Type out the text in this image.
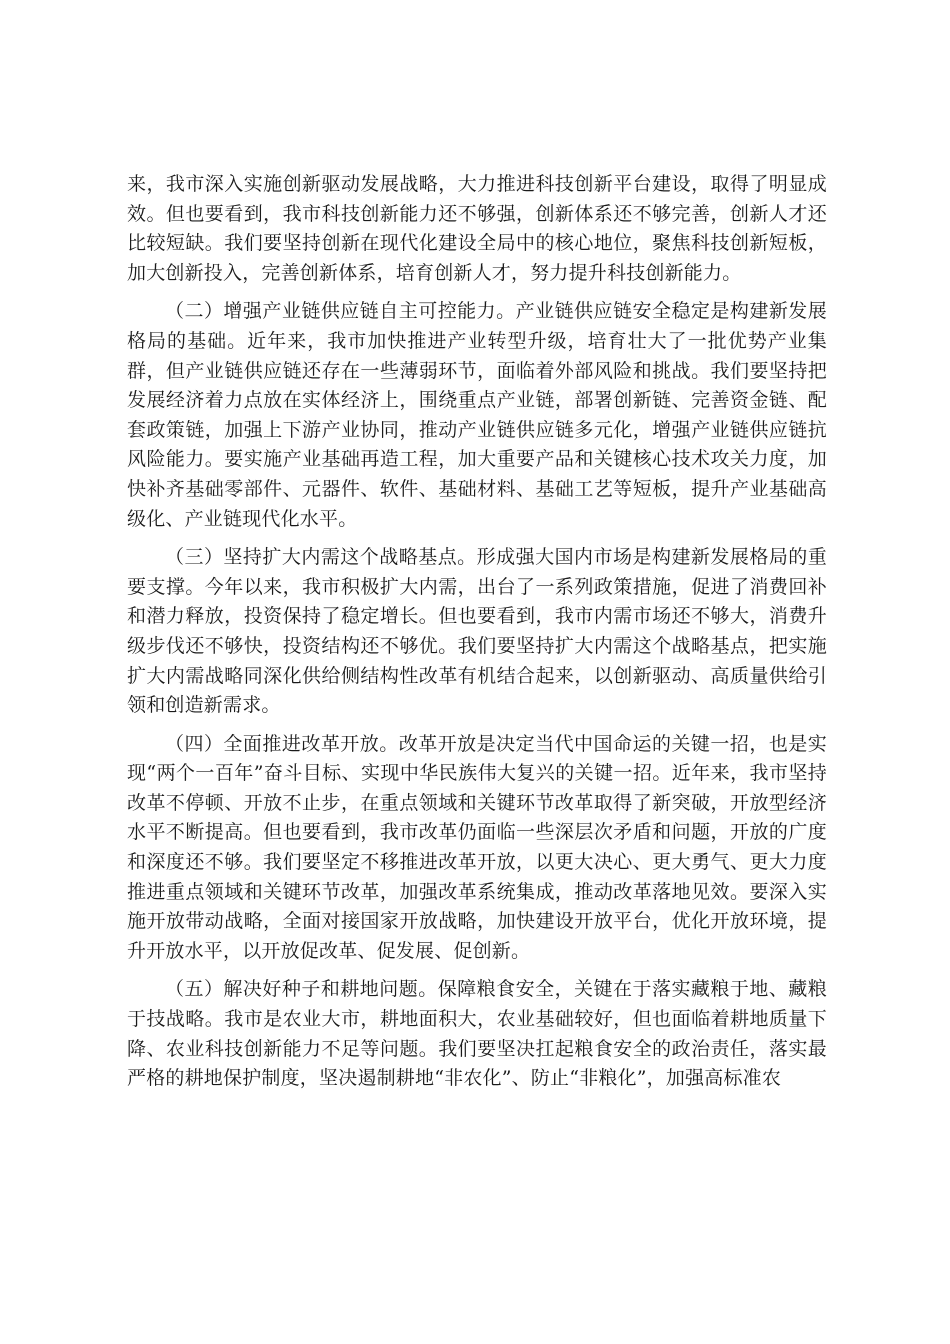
来，我市深入实施创新驱动发展战略，大力推进科技创新平台建设，取得了明显成效。但也要看到，我市科技创新能力还不够强，创新体系还不够完善，创新人才还比较短缺。我们要坚持创新在现代化建设全局中的核心地位，聚焦科技创新短板，加大创新投入，完善创新体系，培育创新人才，努力提升科技创新能力。

（二）增强产业链供应链自主可控能力。产业链供应链安全稳定是构建新发展格局的基础。近年来，我市加快推进产业转型升级，培育壮大了一批优势产业集群，但产业链供应链还存在一些薄弱环节，面临着外部风险和挑战。我们要坚持把发展经济着力点放在实体经济上，围绕重点产业链，部署创新链、完善资金链、配套政策链，加强上下游产业协同，推动产业链供应链多元化，增强产业链供应链抗风险能力。要实施产业基础再造工程，加大重要产品和关键核心技术攻关力度，加快补齐基础零部件、元器件、软件、基础材料、基础工艺等短板，提升产业基础高级化、产业链现代化水平。

（三）坚持扩大内需这个战略基点。形成强大国内市场是构建新发展格局的重要支撑。今年以来，我市积极扩大内需，出台了一系列政策措施，促进了消费回补和潜力释放，投资保持了稳定增长。但也要看到，我市内需市场还不够大，消费升级步伐还不够快，投资结构还不够优。我们要坚持扩大内需这个战略基点，把实施扩大内需战略同深化供给侧结构性改革有机结合起来，以创新驱动、高质量供给引领和创造新需求。

（四）全面推进改革开放。改革开放是决定当代中国命运的关键一招，也是实现“两个一百年”奋斗目标、实现中华民族伟大复兴的关键一招。近年来，我市坚持改革不停顿、开放不止步，在重点领域和关键环节改革取得了新突破，开放型经济水平不断提高。但也要看到，我市改革仍面临一些深层次矛盾和问题，开放的广度和深度还不够。我们要坚定不移推进改革开放，以更大决心、更大勇气、更大力度推进重点领域和关键环节改革，加强改革系统集成，推动改革落地见效。要深入实施开放带动战略，全面对接国家开放战略，加快建设开放平台，优化开放环境，提升开放水平，以开放促改革、促发展、促创新。

（五）解决好种子和耕地问题。保障粮食安全，关键在于落实藏粮于地、藏粮于技战略。我市是农业大市，耕地面积大，农业基础较好，但也面临着耕地质量下降、农业科技创新能力不足等问题。我们要坚决扛起粮食安全的政治责任，落实最严格的耕地保护制度，坚决遏制耕地“非农化”、防止“非粮化”，加强高标准农
